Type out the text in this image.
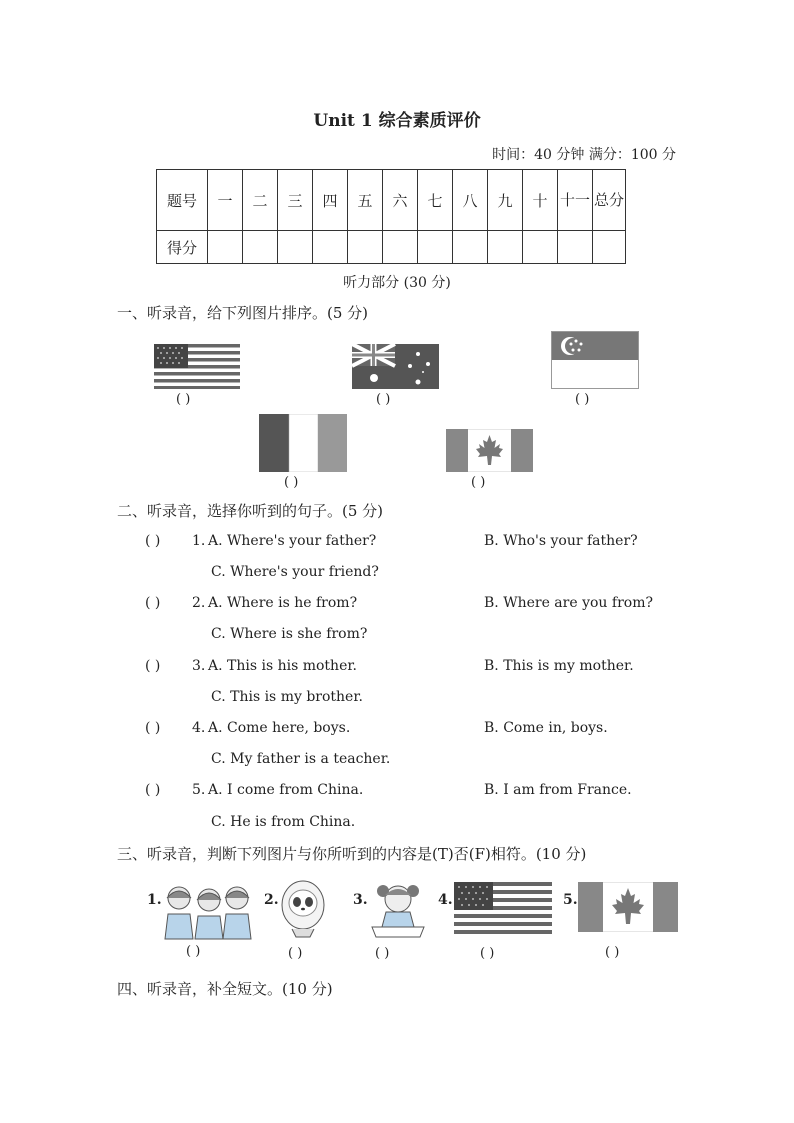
Unit 1 综合素质评价
时间：40 分钟 满分：100 分
题号	一	二	三	四	五	六	七	八	九	十	十一	总分
得分												
听力部分 (30 分)
一、听录音，给下列图片排序。(5 分)
( )	( )	( )
( )	( )
二、听录音，选择你听到的句子。(5 分)
( ) 1. A. Where's your father?	B. Who's your father?
C. Where's your friend?
( ) 2. A. Where is he from?	B. Where are you from?
C. Where is she from?
( ) 3. A. This is his mother.	B. This is my mother.
C. This is my brother.
( ) 4. A. Come here, boys.	B. Come in, boys.
C. My father is a teacher.
( ) 5. A. I come from China.	B. I am from France.
C. He is from China.
三、听录音，判断下列图片与你所听到的内容是(T)否(F)相符。(10 分)
1.
( )
2.
( )
3.
( )
4.
( )
5.
( )
四、听录音，补全短文。(10 分)
